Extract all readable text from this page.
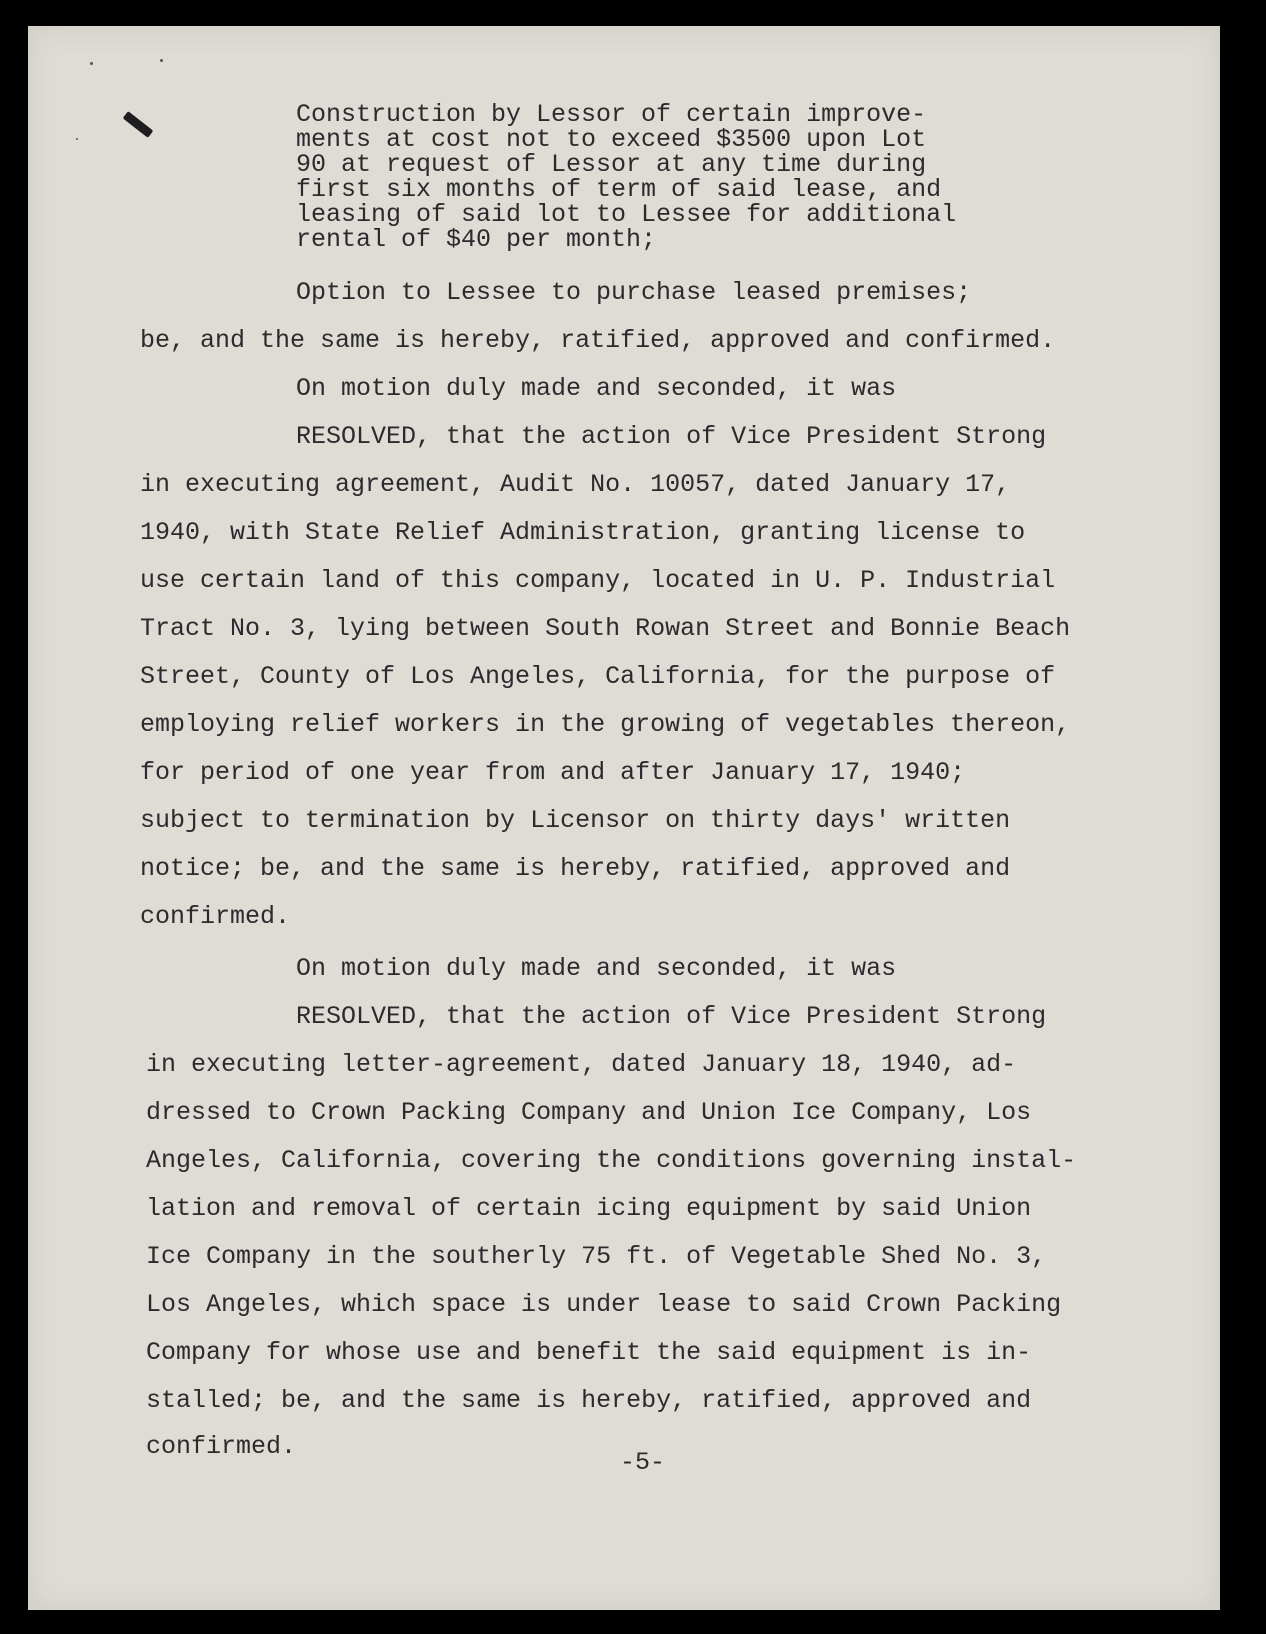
Construction by Lessor of certain improve-

ments at cost not to exceed $3500 upon Lot

90 at request of Lessor at any time during

first six months of term of said lease, and

leasing of said lot to Lessee for additional

rental of $40 per month;

Option to Lessee to purchase leased premises;
be, and the same is hereby, ratified, approved and confirmed.
On motion duly made and seconded, it was
RESOLVED, that the action of Vice President Strong
in executing agreement, Audit No. 10057, dated January 17,
1940, with State Relief Administration, granting license to
use certain land of this company, located in U. P. Industrial
Tract No. 3, lying between South Rowan Street and Bonnie Beach
Street, County of Los Angeles, California, for the purpose of
employing relief workers in the growing of vegetables thereon,
for period of one year from and after January 17, 1940;
subject to termination by Licensor on thirty days' written
notice; be, and the same is hereby, ratified, approved and
confirmed.
On motion duly made and seconded, it was
RESOLVED, that the action of Vice President Strong
in executing letter-agreement, dated January 18, 1940, ad-
dressed to Crown Packing Company and Union Ice Company, Los
Angeles, California, covering the conditions governing instal-
lation and removal of certain icing equipment by said Union
Ice Company in the southerly 75 ft. of Vegetable Shed No. 3,
Los Angeles, which space is under lease to said Crown Packing
Company for whose use and benefit the said equipment is in-
stalled; be, and the same is hereby, ratified, approved and
confirmed.
-5-
